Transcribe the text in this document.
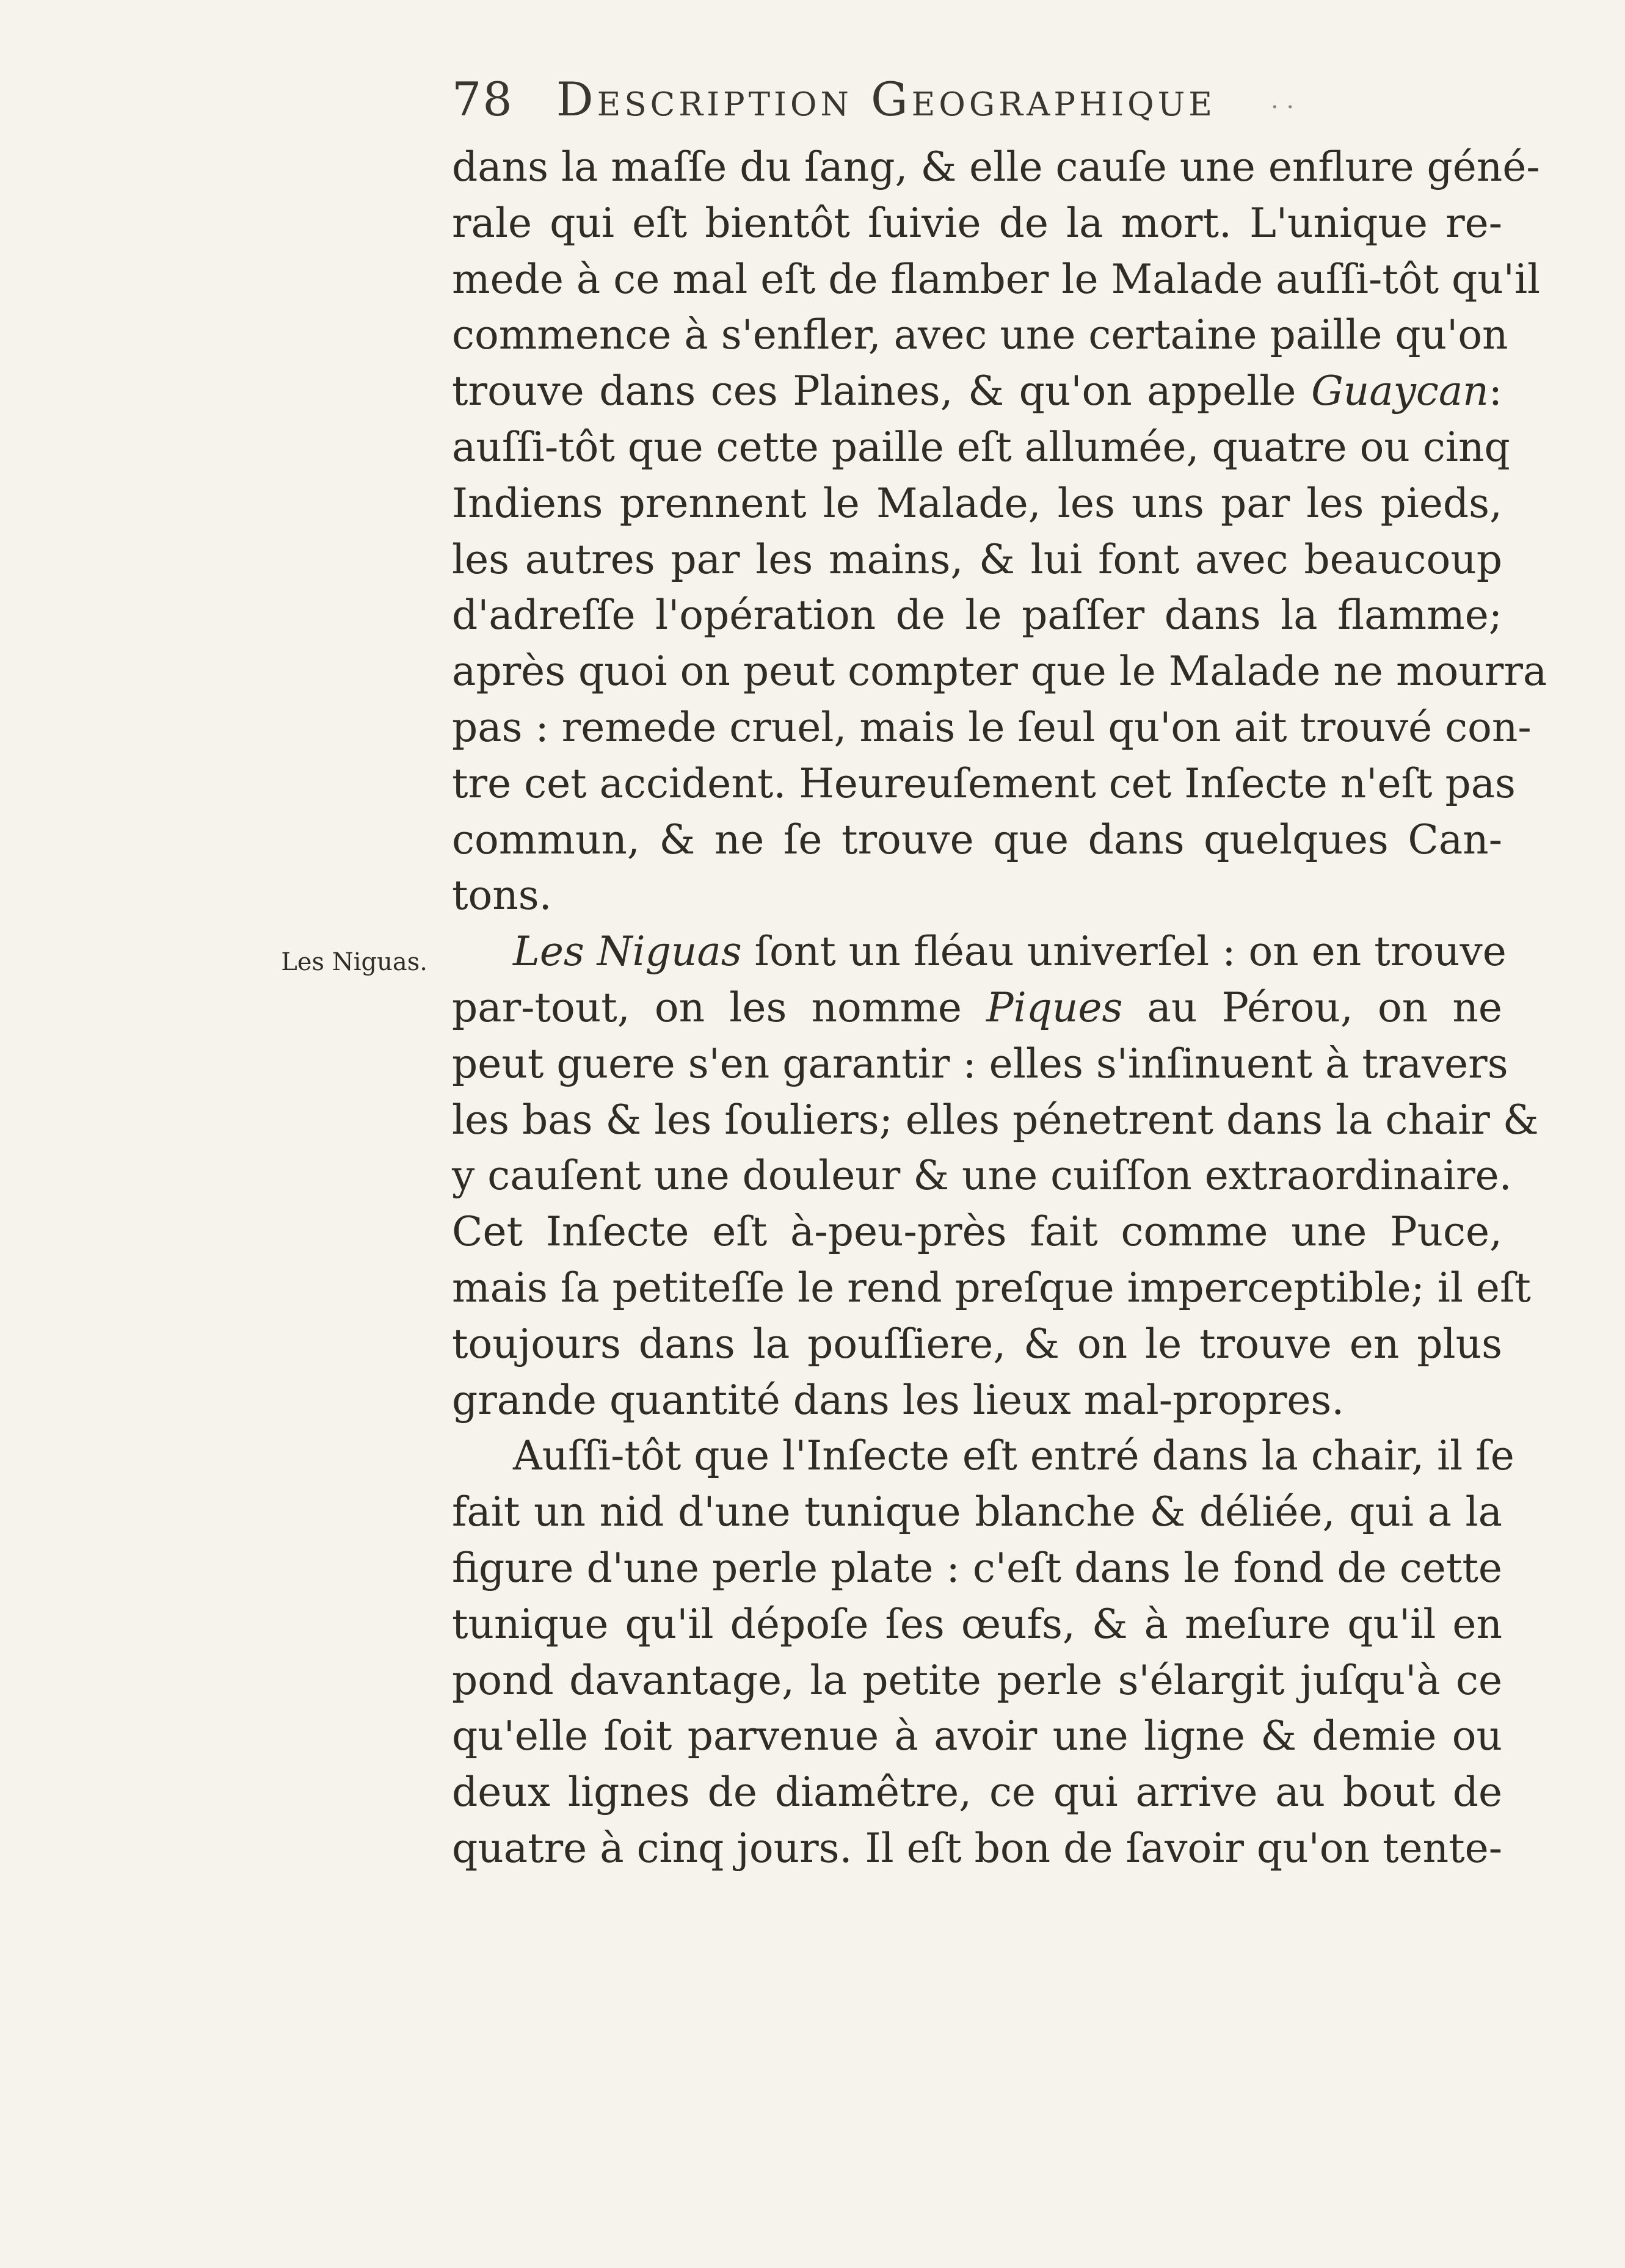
78 Description Geographique · ·
Les Niguas.
dans la maſſe du ſang, & elle cauſe une enflure géné-
rale qui eſt bientôt ſuivie de la mort. L'unique re-
mede à ce mal eſt de flamber le Malade auſſi-tôt qu'il
commence à s'enfler, avec une certaine paille qu'on
trouve dans ces Plaines, & qu'on appelle Guaycan:
auſſi-tôt que cette paille eſt allumée, quatre ou cinq
Indiens prennent le Malade, les uns par les pieds,
les autres par les mains, & lui font avec beaucoup
d'adreſſe l'opération de le paſſer dans la flamme;
après quoi on peut compter que le Malade ne mourra
pas : remede cruel, mais le ſeul qu'on ait trouvé con-
tre cet accident. Heureuſement cet Inſecte n'eſt pas
commun, & ne ſe trouve que dans quelques Can-
tons.
Les Niguas ſont un fléau univerſel : on en trouve
par-tout, on les nomme Piques au Pérou, on ne
peut guere s'en garantir : elles s'inſinuent à travers
les bas & les ſouliers; elles pénetrent dans la chair &
y cauſent une douleur & une cuiſſon extraordinaire.
Cet Inſecte eſt à-peu-près fait comme une Puce,
mais ſa petiteſſe le rend preſque imperceptible; il eſt
toujours dans la pouſſiere, & on le trouve en plus
grande quantité dans les lieux mal-propres.
Auſſi-tôt que l'Inſecte eſt entré dans la chair, il ſe
fait un nid d'une tunique blanche & déliée, qui a la
figure d'une perle plate : c'eſt dans le fond de cette
tunique qu'il dépoſe ſes œufs, & à meſure qu'il en
pond davantage, la petite perle s'élargit juſqu'à ce
qu'elle ſoit parvenue à avoir une ligne & demie ou
deux lignes de diamêtre, ce qui arrive au bout de
quatre à cinq jours. Il eſt bon de ſavoir qu'on tente-
